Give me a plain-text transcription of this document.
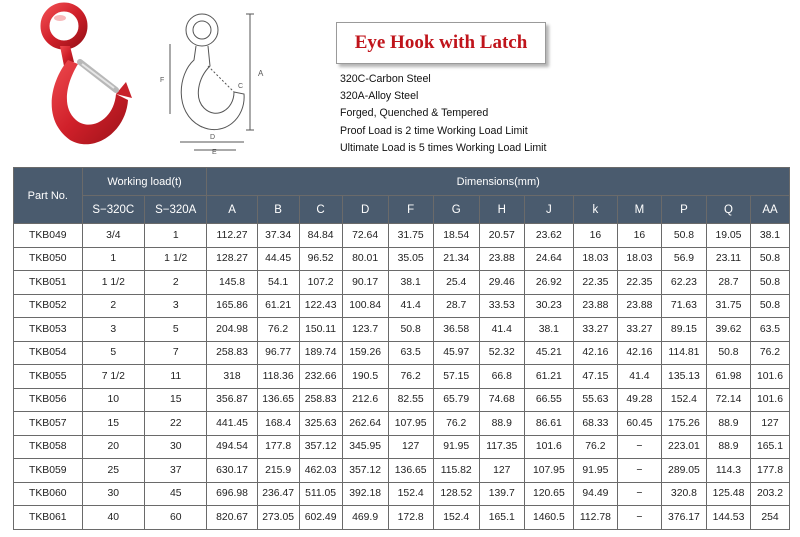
A
C
D
E
F
Eye Hook with Latch
320C-Carbon Steel
320A-Alloy Steel
Forged, Quenched & Tempered
Proof Load is 2 time Working Load Limit
Ultimate Load is 5 times Working Load Limit
Part No.	Working load(t)		Dimensions(mm)												
	S−320C	S−320A	A	B	C	D	F	G	H	J	k	M	P	Q	AA
TKB049	3/4	1	112.27	37.34	84.84	72.64	31.75	18.54	20.57	23.62	16	16	50.8	19.05	38.1
TKB050	1	1 1/2	128.27	44.45	96.52	80.01	35.05	21.34	23.88	24.64	18.03	18.03	56.9	23.11	50.8
TKB051	1 1/2	2	145.8	54.1	107.2	90.17	38.1	25.4	29.46	26.92	22.35	22.35	62.23	28.7	50.8
TKB052	2	3	165.86	61.21	122.43	100.84	41.4	28.7	33.53	30.23	23.88	23.88	71.63	31.75	50.8
TKB053	3	5	204.98	76.2	150.11	123.7	50.8	36.58	41.4	38.1	33.27	33.27	89.15	39.62	63.5
TKB054	5	7	258.83	96.77	189.74	159.26	63.5	45.97	52.32	45.21	42.16	42.16	114.81	50.8	76.2
TKB055	7 1/2	11	318	118.36	232.66	190.5	76.2	57.15	66.8	61.21	47.15	41.4	135.13	61.98	101.6
TKB056	10	15	356.87	136.65	258.83	212.6	82.55	65.79	74.68	66.55	55.63	49.28	152.4	72.14	101.6
TKB057	15	22	441.45	168.4	325.63	262.64	107.95	76.2	88.9	86.61	68.33	60.45	175.26	88.9	127
TKB058	20	30	494.54	177.8	357.12	345.95	127	91.95	117.35	101.6	76.2	−	223.01	88.9	165.1
TKB059	25	37	630.17	215.9	462.03	357.12	136.65	115.82	127	107.95	91.95	−	289.05	114.3	177.8
TKB060	30	45	696.98	236.47	511.05	392.18	152.4	128.52	139.7	120.65	94.49	−	320.8	125.48	203.2
TKB061	40	60	820.67	273.05	602.49	469.9	172.8	152.4	165.1	1460.5	112.78	−	376.17	144.53	254
